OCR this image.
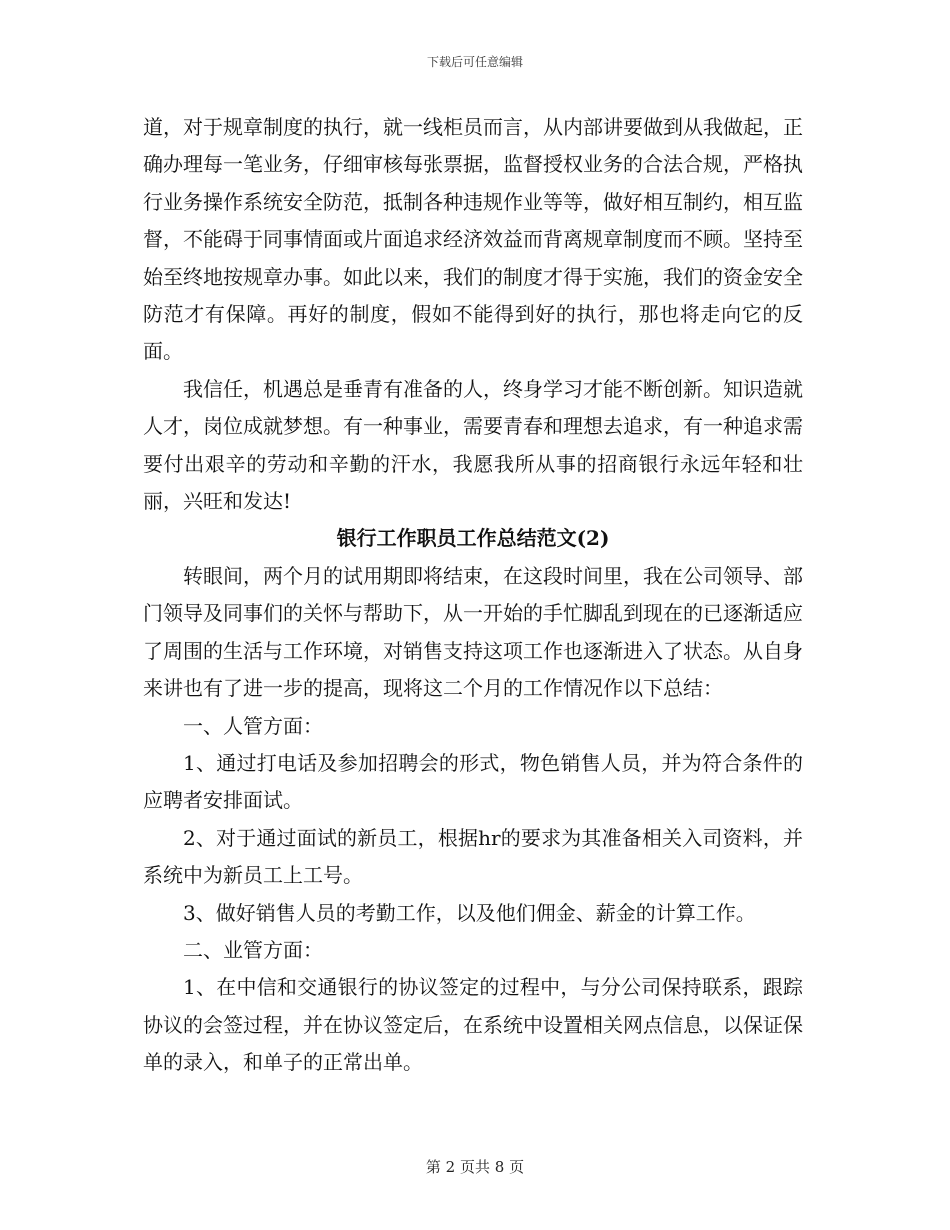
下载后可任意编辑

道，对于规章制度的执行，就一线柜员而言，从内部讲要做到从我做起，正确办理每一笔业务，仔细审核每张票据，监督授权业务的合法合规，严格执行业务操作系统安全防范，抵制各种违规作业等等，做好相互制约，相互监督，不能碍于同事情面或片面追求经济效益而背离规章制度而不顾。坚持至始至终地按规章办事。如此以来，我们的制度才得于实施，我们的资金安全防范才有保障。再好的制度，假如不能得到好的执行，那也将走向它的反面。

我信任，机遇总是垂青有准备的人，终身学习才能不断创新。知识造就人才，岗位成就梦想。有一种事业，需要青春和理想去追求，有一种追求需要付出艰辛的劳动和辛勤的汗水，我愿我所从事的招商银行永远年轻和壮丽，兴旺和发达!

银行工作职员工作总结范文(2)

转眼间，两个月的试用期即将结束，在这段时间里，我在公司领导、部门领导及同事们的关怀与帮助下，从一开始的手忙脚乱到现在的已逐渐适应了周围的生活与工作环境，对销售支持这项工作也逐渐进入了状态。从自身来讲也有了进一步的提高，现将这二个月的工作情况作以下总结：

一、人管方面：

1、通过打电话及参加招聘会的形式，物色销售人员，并为符合条件的应聘者安排面试。

2、对于通过面试的新员工，根据hr的要求为其准备相关入司资料，并系统中为新员工上工号。

3、做好销售人员的考勤工作，以及他们佣金、薪金的计算工作。

二、业管方面：

1、在中信和交通银行的协议签定的过程中，与分公司保持联系，跟踪协议的会签过程，并在协议签定后，在系统中设置相关网点信息，以保证保单的录入，和单子的正常出单。

第 2 页共 8 页
